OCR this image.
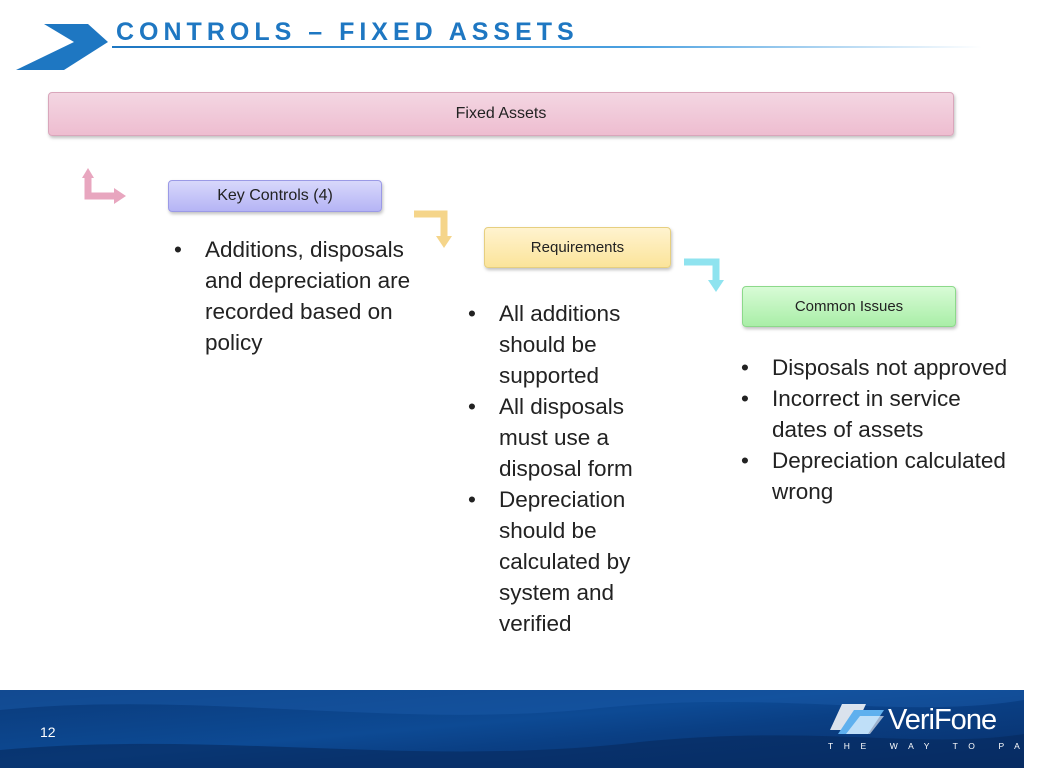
CONTROLS – FIXED ASSETS
Fixed Assets
Key Controls (4)
Requirements
Common Issues
• Additions, disposals and depreciation are recorded based on policy
• All additions should be supported
• All disposals must use a disposal form
• Depreciation should be calculated by system and verified
• Disposals not approved
• Incorrect in service dates of assets
• Depreciation calculated wrong
12	VeriFone
THE WAY TO PAY
